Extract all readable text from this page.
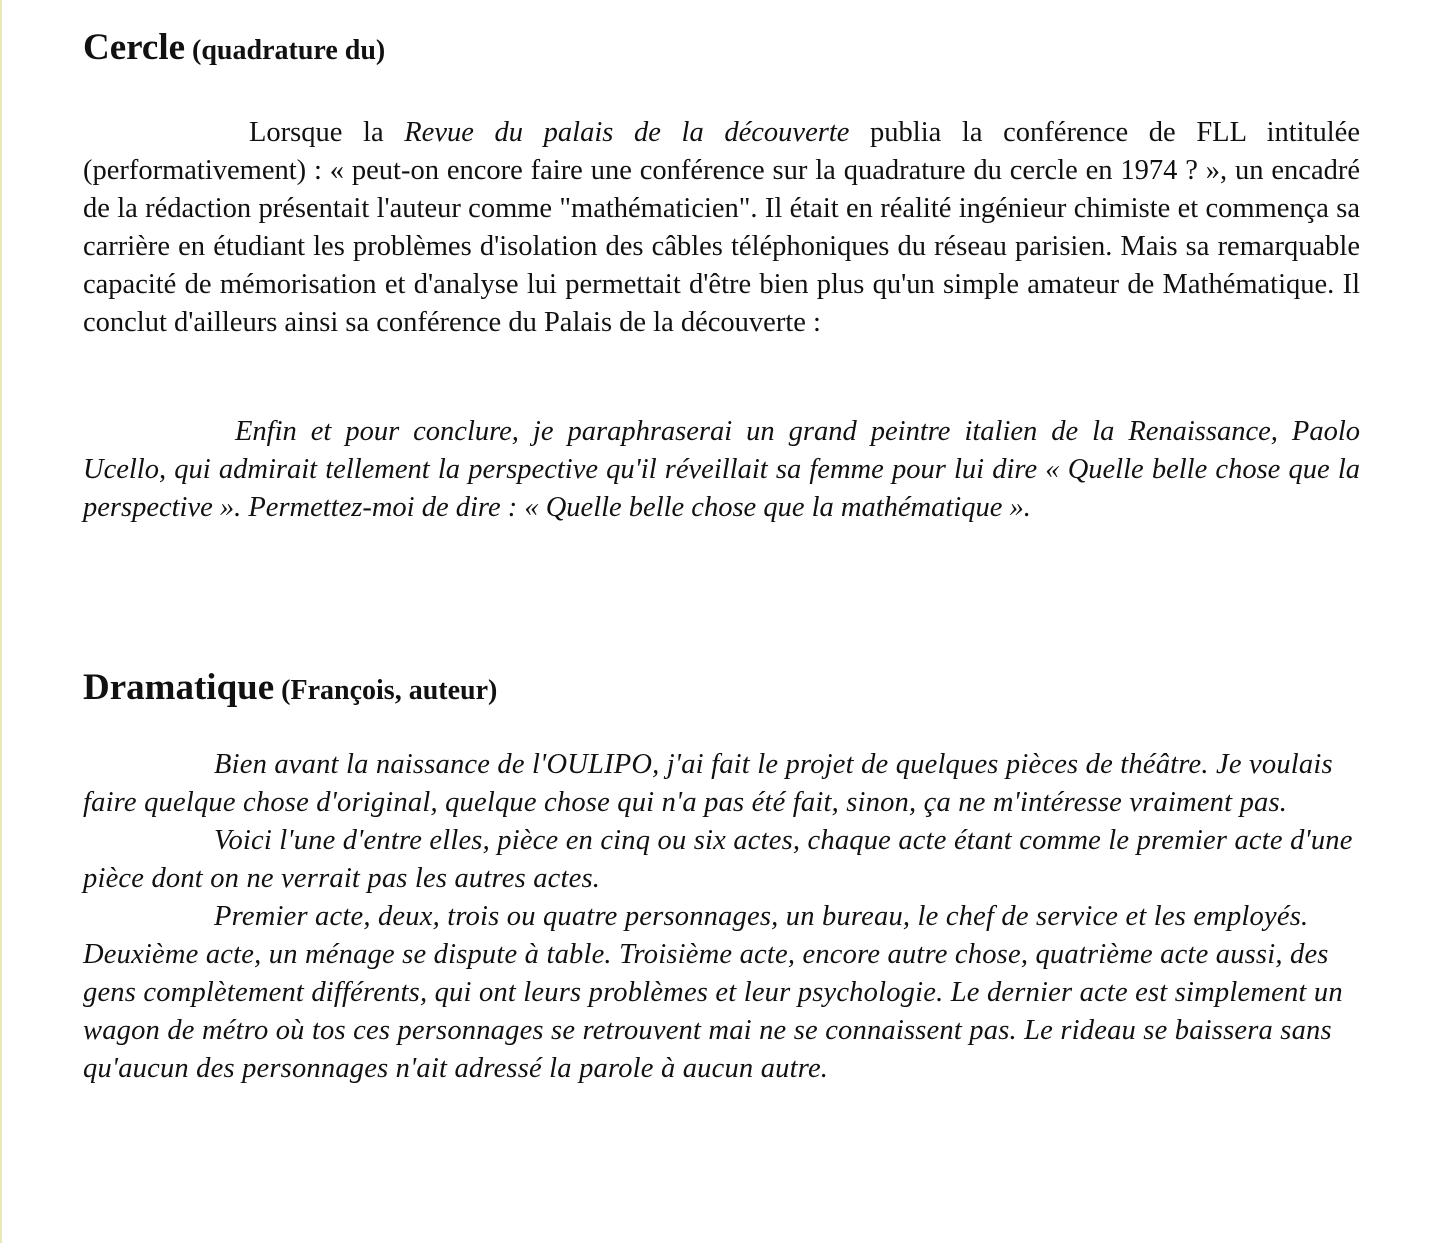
Cercle (quadrature du)

Lorsque la Revue du palais de la découverte publia la conférence de FLL intitulée (performativement) : « peut-on encore faire une conférence sur la quadrature du cercle en 1974 ? », un encadré de la rédaction présentait l'auteur comme "mathématicien". Il était en réalité ingénieur chimiste et commença sa carrière en étudiant les problèmes d'isolation des câbles téléphoniques du réseau parisien. Mais sa remarquable capacité de mémorisation et d'analyse lui permettait d'être bien plus qu'un simple amateur de Mathématique. Il conclut d'ailleurs ainsi sa conférence du Palais de la découverte :

Enfin et pour conclure, je paraphraserai un grand peintre italien de la Renaissance, Paolo Ucello, qui admirait tellement la perspective qu'il réveillait sa femme pour lui dire « Quelle belle chose que la perspective ». Permettez-moi de dire : « Quelle belle chose que la mathématique ».

Dramatique (François, auteur)

Bien avant la naissance de l'OULIPO, j'ai fait le projet de quelques pièces de théâtre. Je voulais faire quelque chose d'original, quelque chose qui n'a pas été fait, sinon, ça ne m'intéresse vraiment pas.

Voici l'une d'entre elles, pièce en cinq ou six actes, chaque acte étant comme le premier acte d'une pièce dont on ne verrait pas les autres actes.

Premier acte, deux, trois ou quatre personnages, un bureau, le chef de service et les employés. Deuxième acte, un ménage se dispute à table. Troisième acte, encore autre chose, quatrième acte aussi, des gens complètement différents, qui ont leurs problèmes et leur psychologie. Le dernier acte est simplement un wagon de métro où tos ces personnages se retrouvent mai ne se connaissent pas. Le rideau se baissera sans qu'aucun des personnages n'ait adressé la parole à aucun autre.
